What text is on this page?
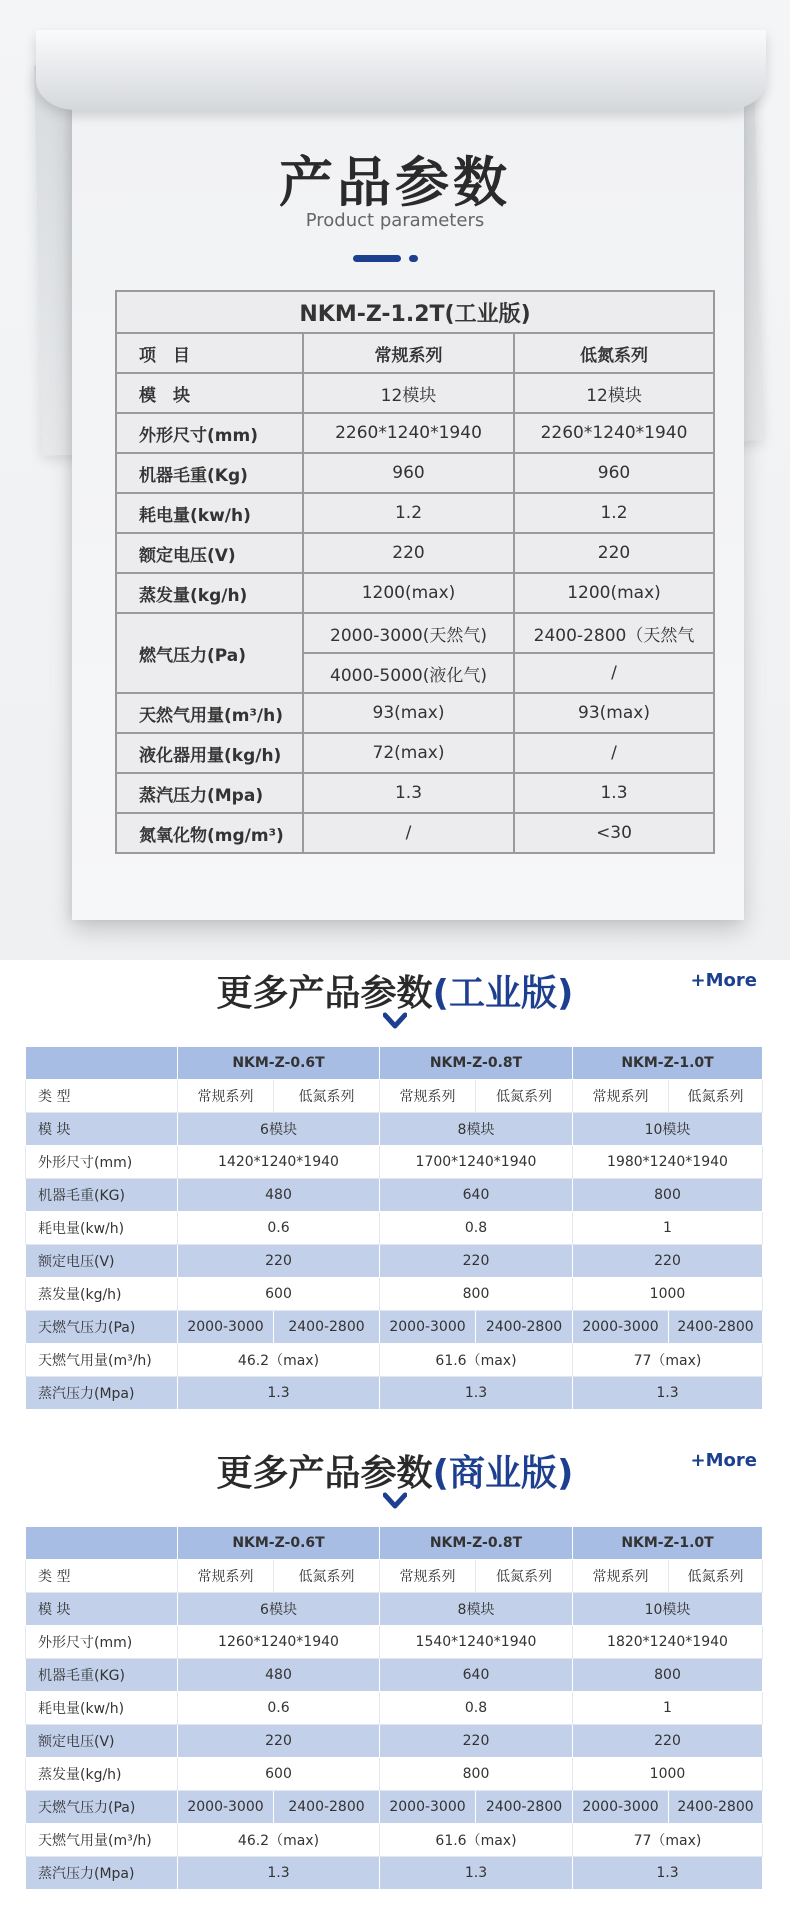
产品参数
Product parameters
NKM-Z-1.2T(工业版)		
项　目	常规系列	低氮系列
模　块	12模块	12模块
外形尺寸(mm)	2260*1240*1940	2260*1240*1940
机器毛重(Kg)	960	960
耗电量(kw/h)	1.2	1.2
额定电压(V)	220	220
蒸发量(kg/h)	1200(max)	1200(max)
燃气压力(Pa)	2000-3000(天然气)	2400-2800（天然气
	4000-5000(液化气)	/
天然气用量(m³/h)	93(max)	93(max)
液化器用量(kg/h)	72(max)	/
蒸汽压力(Mpa)	1.3	1.3
氮氧化物(mg/m³)	/	<30
更多产品参数(工业版)	+More
	NKM-Z-0.6T		NKM-Z-0.8T		NKM-Z-1.0T	
类 型	常规系列	低氮系列	常规系列	低氮系列	常规系列	低氮系列
模 块	6模块		8模块		10模块	
外形尺寸(mm)	1420*1240*1940		1700*1240*1940		1980*1240*1940	
机器毛重(KG)	480		640		800	
耗电量(kw/h)	0.6		0.8		1	
额定电压(V)	220		220		220	
蒸发量(kg/h)	600		800		1000	
天燃气压力(Pa)	2000-3000	2400-2800	2000-3000	2400-2800	2000-3000	2400-2800
天燃气用量(m³/h)	46.2（max)		61.6（max)		77（max)	
蒸汽压力(Mpa)	1.3		1.3		1.3	
更多产品参数(商业版)	+More
	NKM-Z-0.6T		NKM-Z-0.8T		NKM-Z-1.0T	
类 型	常规系列	低氮系列	常规系列	低氮系列	常规系列	低氮系列
模 块	6模块		8模块		10模块	
外形尺寸(mm)	1260*1240*1940		1540*1240*1940		1820*1240*1940	
机器毛重(KG)	480		640		800	
耗电量(kw/h)	0.6		0.8		1	
额定电压(V)	220		220		220	
蒸发量(kg/h)	600		800		1000	
天燃气压力(Pa)	2000-3000	2400-2800	2000-3000	2400-2800	2000-3000	2400-2800
天燃气用量(m³/h)	46.2（max)		61.6（max)		77（max)	
蒸汽压力(Mpa)	1.3		1.3		1.3	
